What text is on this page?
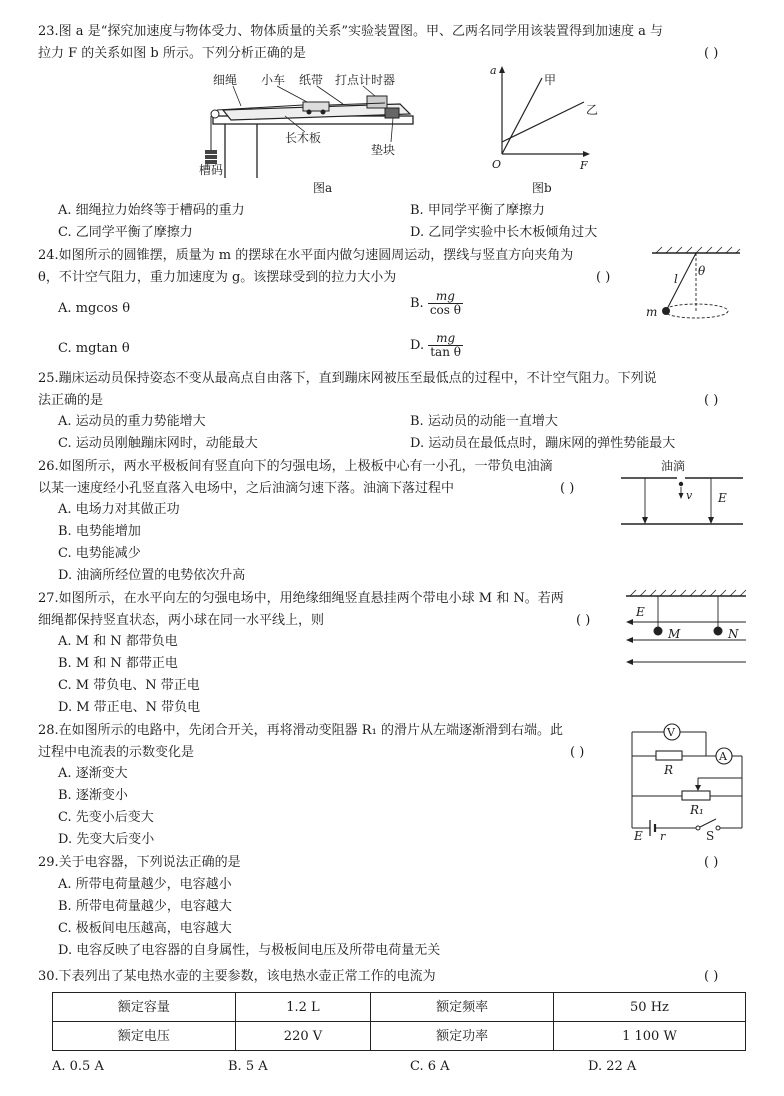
23.图 a 是“探究加速度与物体受力、物体质量的关系”实验装置图。甲、乙两名同学用该装置得到加速度 a 与
拉力 F 的关系如图 b 所示。下列分析正确的是	( )
细绳 小车 纸带 打点计时器
槽码
长木板
垫块
图a
a
F
O
甲
乙
图b
A. 细绳拉力始终等于槽码的重力	B. 甲同学平衡了摩擦力
C. 乙同学平衡了摩擦力	D. 乙同学实验中长木板倾角过大
24.如图所示的圆锥摆，质量为 m 的摆球在水平面内做匀速圆周运动，摆线与竖直方向夹角为
θ，不计空气阻力，重力加速度为 g。该摆球受到的拉力大小为	( )
A. mgcos θ	B. $\frac{mg}{\text{cos θ}}$
C. mgtan θ	D. $\frac{mg}{\text{tan θ}}$
l
θ
m
25.蹦床运动员保持姿态不变从最高点自由落下，直到蹦床网被压至最低点的过程中，不计空气阻力。下列说
法正确的是	( )
A. 运动员的重力势能增大	B. 运动员的动能一直增大
C. 运动员刚触蹦床网时，动能最大	D. 运动员在最低点时，蹦床网的弹性势能最大
26.如图所示，两水平极板间有竖直向下的匀强电场，上极板中心有一小孔，一带负电油滴
以某一速度经小孔竖直落入电场中，之后油滴匀速下落。油滴下落过程中	( )
A. 电场力对其做正功
B. 电势能增加
C. 电势能减少
D. 油滴所经位置的电势依次升高
油滴
v E
27.如图所示，在水平向左的匀强电场中，用绝缘细绳竖直悬挂两个带电小球 M 和 N。若两
细绳都保持竖直状态，两小球在同一水平线上，则	( )
A. M 和 N 都带负电
B. M 和 N 都带正电
C. M 带负电、N 带正电
D. M 带正电、N 带负电
E
M	N
28.在如图所示的电路中，先闭合开关，再将滑动变阻器 R₁ 的滑片从左端逐渐滑到右端。此
过程中电流表的示数变化是	( )
A. 逐渐变大
B. 逐渐变小
C. 先变小后变大
D. 先变大后变小
V
A
R
R₁
E r	S
29.关于电容器，下列说法正确的是	( )
A. 所带电荷量越少，电容越小
B. 所带电荷量越少，电容越大
C. 极板间电压越高，电容越大
D. 电容反映了电容器的自身属性，与极板间电压及所带电荷量无关
30.下表列出了某电热水壶的主要参数，该电热水壶正常工作的电流为	( )
额定容量	1.2 L	额定频率	50 Hz
额定电压	220 V	额定功率	1 100 W
A. 0.5 A	B. 5 A	C. 6 A	D. 22 A
